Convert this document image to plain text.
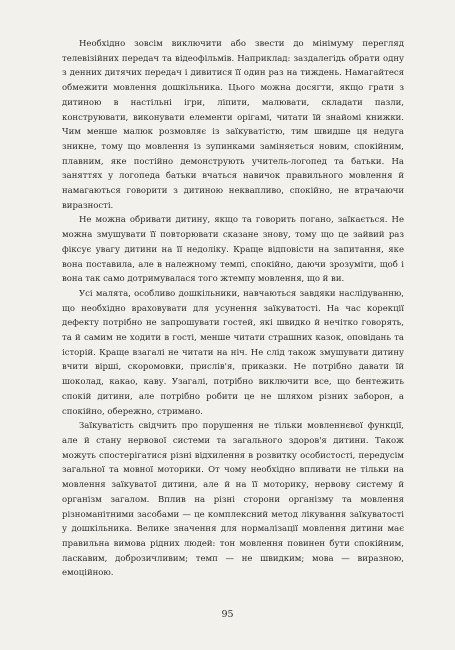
Необхідно зовсім виключити або звести до мінімуму перегляд телевізійних передач та відеофільмів. Наприклад: заздалегідь обрати одну з денних дитячих передач і дивитися її один раз на тиждень. Намагайтеся обмежити мовлення дошкільника. Цього можна досягти, якщо грати з дитиною в настільні ігри, ліпити, малювати, складати пазли, конструювати, виконувати елементи орігамі, читати їй знайомі книжки. Чим менше малюк розмовляє із заїкуватістю, тим швидше ця недуга зникне, тому що мовлення із зупинками заміняється новим, спокійним, плавним, яке постійно демонструють учитель-логопед та батьки. На заняттях у логопеда батьки вчаться навичок правильного мовлення й намагаються говорити з дитиною неквапливо, спокійно, не втрачаючи виразності.

Не можна обривати дитину, якщо та говорить погано, заїкається. Не можна змушувати її повторювати сказане знову, тому що це зайвий раз фіксує увагу дитини на її недоліку. Краще відповісти на запитання, яке вона поставила, але в належному темпі, спокійно, даючи зрозуміти, щоб і вона так само дотримувалася того жтемпу мовлення, що й ви.

Усі малята, особливо дошкільники, навчаються завдяки наслідуванню, що необхідно враховувати для усунення заїкуватості. На час корекції дефекту потрібно не запрошувати гостей, які швидко й нечітко говорять, та й самим не ходити в гості, менше читати страшних казок, оповідань та історій. Краще взагалі не читати на ніч. Не слід також змушувати дитину вчити вірші, скоромовки, прислів'я, приказки. Не потрібно давати їй шоколад, какао, каву. Узагалі, потрібно виключити все, що бентежить спокій дитини, але потрібно робити це не шляхом різних заборон, а спокійно, обережно, стримано.

Заїкуватість свідчить про порушення не тільки мовленнєвої функції, але й стану нервової системи та загального здоров'я дитини. Також можуть спостерігатися різні відхилення в розвитку особистості, передусім загальної та мовної моторики. От чому необхідно впливати не тільки на мовлення заїкуватої дитини, але й на її моторику, нервову систему й організм загалом. Вплив на різні сторони організму та мовлення різноманітними засобами — це комплексний метод лікування заїкуватості у дошкільника. Велике значення для нормалізації мовлення дитини має правильна вимова рідних людей: тон мовлення повинен бути спокійним, ласкавим, доброзичливим; темп — не швидким; мова — виразною, емоційною.

95
